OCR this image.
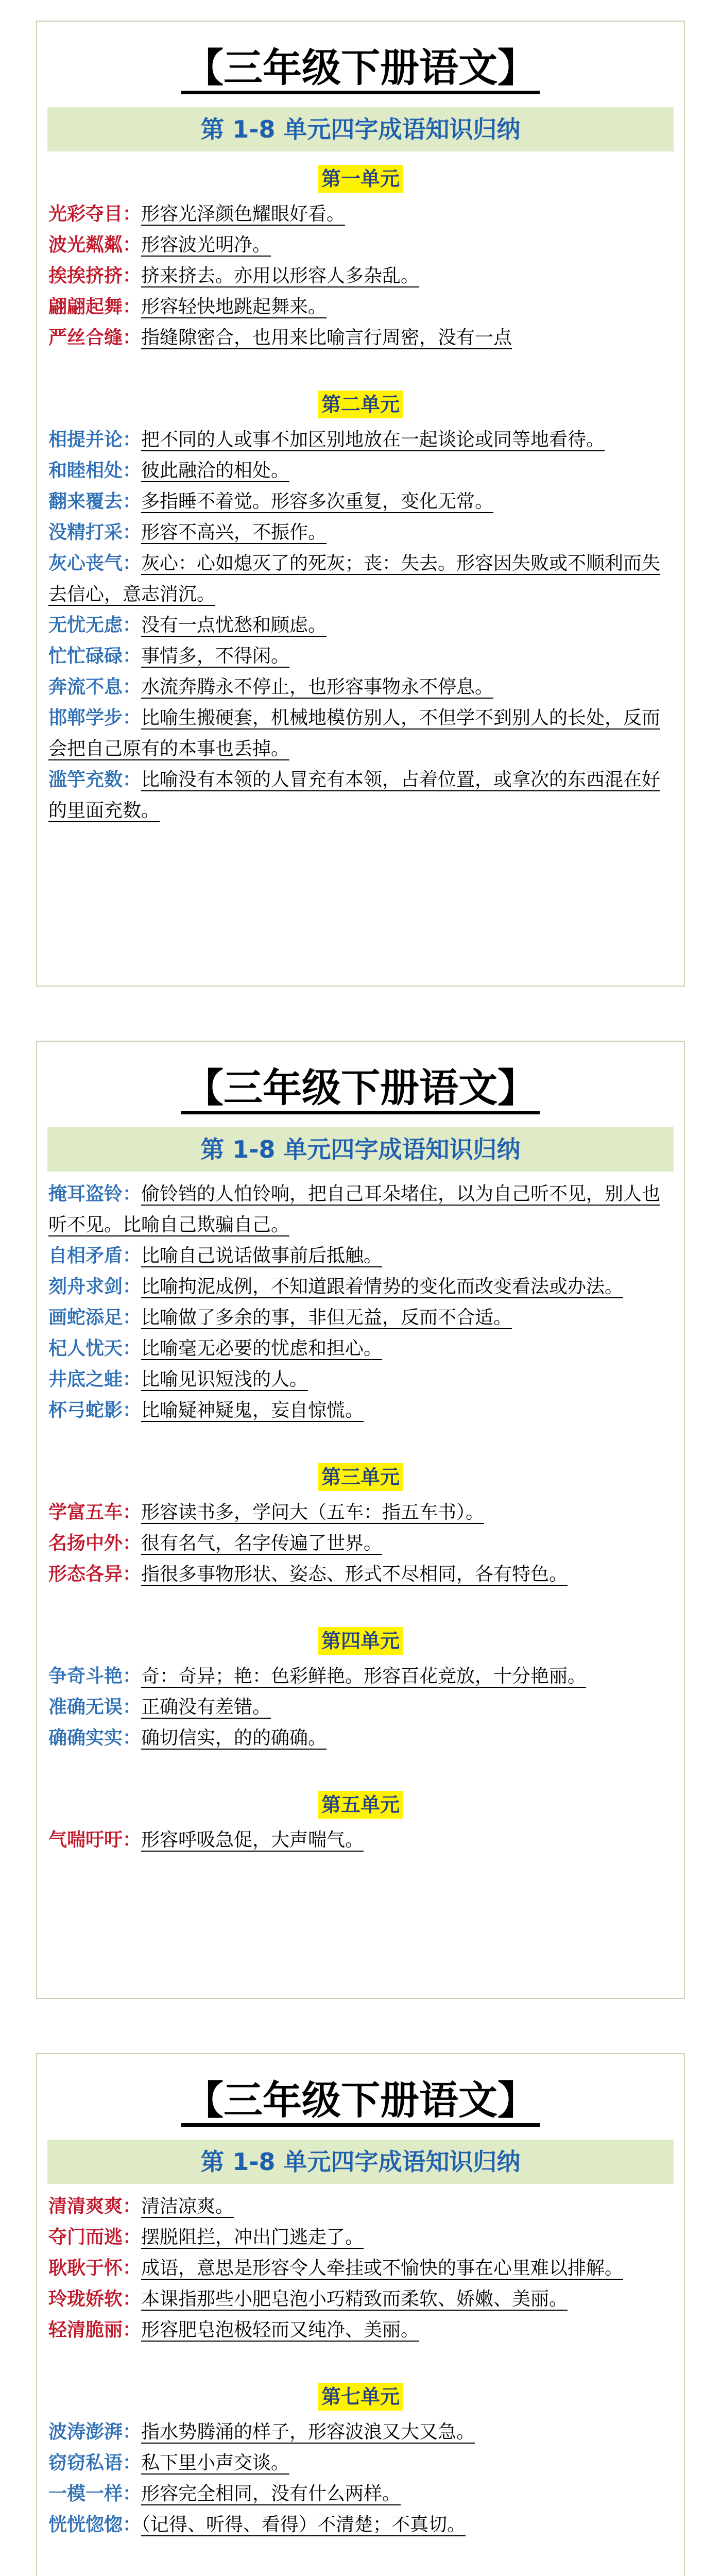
【三年级下册语文】
第 1-8 单元四字成语知识归纳
第一单元
光彩夺目：形容光泽颜色耀眼好看。
波光粼粼：形容波光明净。
挨挨挤挤：挤来挤去。亦用以形容人多杂乱。
翩翩起舞：形容轻快地跳起舞来。
严丝合缝：指缝隙密合，也用来比喻言行周密，没有一点
第二单元
相提并论：把不同的人或事不加区别地放在一起谈论或同等地看待。
和睦相处：彼此融洽的相处。
翻来覆去：多指睡不着觉。形容多次重复，变化无常。
没精打采：形容不高兴，不振作。
灰心丧气：灰心：心如熄灭了的死灰；丧：失去。形容因失败或不顺利而失去信心，意志消沉。
无忧无虑：没有一点忧愁和顾虑。
忙忙碌碌：事情多，不得闲。
奔流不息：水流奔腾永不停止，也形容事物永不停息。
邯郸学步：比喻生搬硬套，机械地模仿别人，不但学不到别人的长处，反而会把自己原有的本事也丢掉。
滥竽充数：比喻没有本领的人冒充有本领，占着位置，或拿次的东西混在好的里面充数。
【三年级下册语文】
第 1-8 单元四字成语知识归纳
掩耳盗铃：偷铃铛的人怕铃响，把自己耳朵堵住，以为自己听不见，别人也听不见。比喻自己欺骗自己。
自相矛盾：比喻自己说话做事前后抵触。
刻舟求剑：比喻拘泥成例，不知道跟着情势的变化而改变看法或办法。
画蛇添足：比喻做了多余的事，非但无益，反而不合适。
杞人忧天：比喻毫无必要的忧虑和担心。
井底之蛙：比喻见识短浅的人。
杯弓蛇影：比喻疑神疑鬼，妄自惊慌。
第三单元
学富五车：形容读书多，学问大（五车：指五车书）。
名扬中外：很有名气，名字传遍了世界。
形态各异：指很多事物形状、姿态、形式不尽相同，各有特色。
第四单元
争奇斗艳：奇：奇异；艳：色彩鲜艳。形容百花竞放，十分艳丽。
准确无误：正确没有差错。
确确实实：确切信实，的的确确。
第五单元
气喘吁吁：形容呼吸急促，大声喘气。
【三年级下册语文】
第 1-8 单元四字成语知识归纳
清清爽爽：清洁凉爽。
夺门而逃：摆脱阻拦，冲出门逃走了。
耿耿于怀：成语，意思是形容令人牵挂或不愉快的事在心里难以排解。
玲珑娇软：本课指那些小肥皂泡小巧精致而柔软、娇嫩、美丽。
轻清脆丽：形容肥皂泡极轻而又纯净、美丽。
第七单元
波涛澎湃：指水势腾涌的样子，形容波浪又大又急。
窃窃私语：私下里小声交谈。
一模一样：形容完全相同，没有什么两样。
恍恍惚惚：（记得、听得、看得）不清楚；不真切。
